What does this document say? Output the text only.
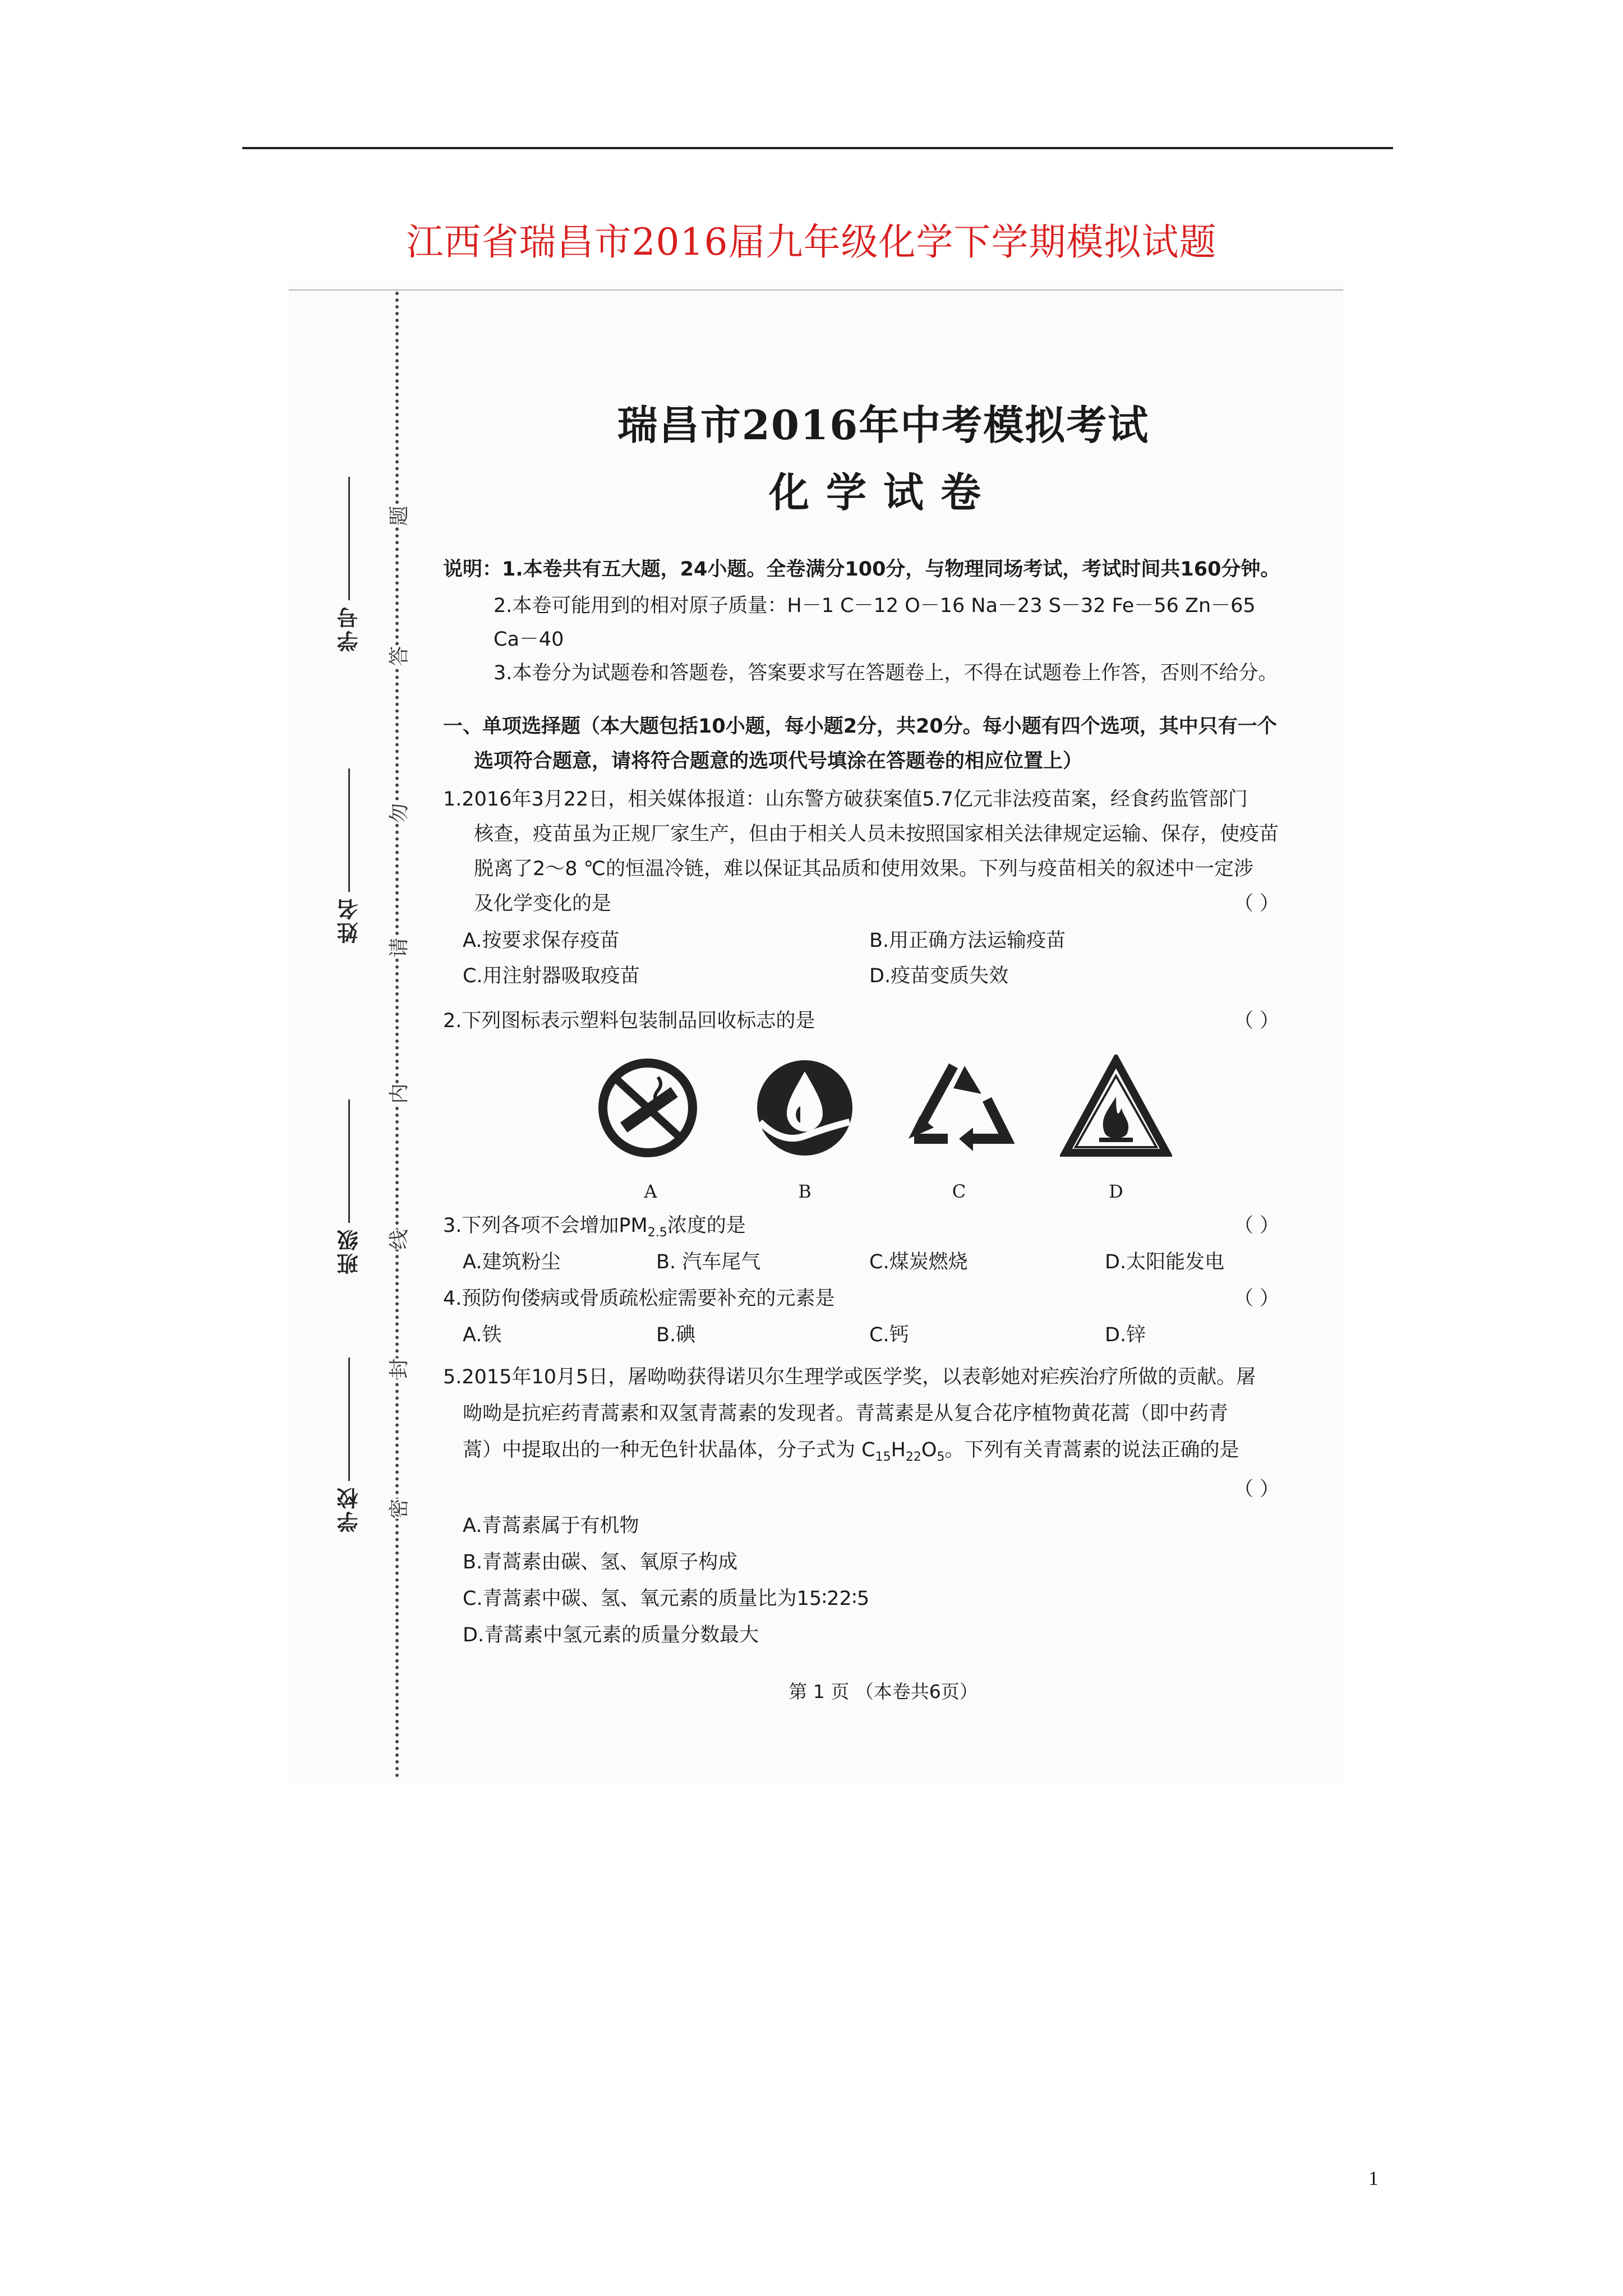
江西省瑞昌市2016届九年级化学下学期模拟试题
学号
姓名
班级
学校
题
答
勿
请
内
线
封
密
瑞昌市2016年中考模拟考试
化学试卷
说明：1.本卷共有五大题，24小题。全卷满分100分，与物理同场考试，考试时间共160分钟。
2.本卷可能用到的相对原子质量：H－1 C－12 O－16 Na－23 S－32 Fe－56 Zn－65
Ca－40
3.本卷分为试题卷和答题卷，答案要求写在答题卷上，不得在试题卷上作答，否则不给分。
一、单项选择题（本大题包括10小题，每小题2分，共20分。每小题有四个选项，其中只有一个
选项符合题意，请将符合题意的选项代号填涂在答题卷的相应位置上）
1.2016年3月22日，相关媒体报道：山东警方破获案值5.7亿元非法疫苗案，经食药监管部门
核查，疫苗虽为正规厂家生产，但由于相关人员未按照国家相关法律规定运输、保存，使疫苗
脱离了2～8 ℃的恒温冷链，难以保证其品质和使用效果。下列与疫苗相关的叙述中一定涉
及化学变化的是	（ ）
A.按要求保存疫苗	B.用正确方法运输疫苗
C.用注射器吸取疫苗	D.疫苗变质失效
2.下列图标表示塑料包装制品回收标志的是	（ ）
A	B	C	D
3.下列各项不会增加$PM_{2.5}$浓度的是	（ ）
A.建筑粉尘	B. 汽车尾气	C.煤炭燃烧	D.太阳能发电
4.预防佝偻病或骨质疏松症需要补充的元素是	（ ）
A.铁	B.碘	C.钙	D.锌
5.2015年10月5日，屠呦呦获得诺贝尔生理学或医学奖，以表彰她对疟疾治疗所做的贡献。屠
呦呦是抗疟药青蒿素和双氢青蒿素的发现者。青蒿素是从复合花序植物黄花蒿（即中药青
蒿）中提取出的一种无色针状晶体，分子式为 $C_{15}H_{22}O_5$。下列有关青蒿素的说法正确的是
（ ）
A.青蒿素属于有机物
B.青蒿素由碳、氢、氧原子构成
C.青蒿素中碳、氢、氧元素的质量比为15∶22∶5
D.青蒿素中氢元素的质量分数最大
第 1 页 （本卷共6页）
1
